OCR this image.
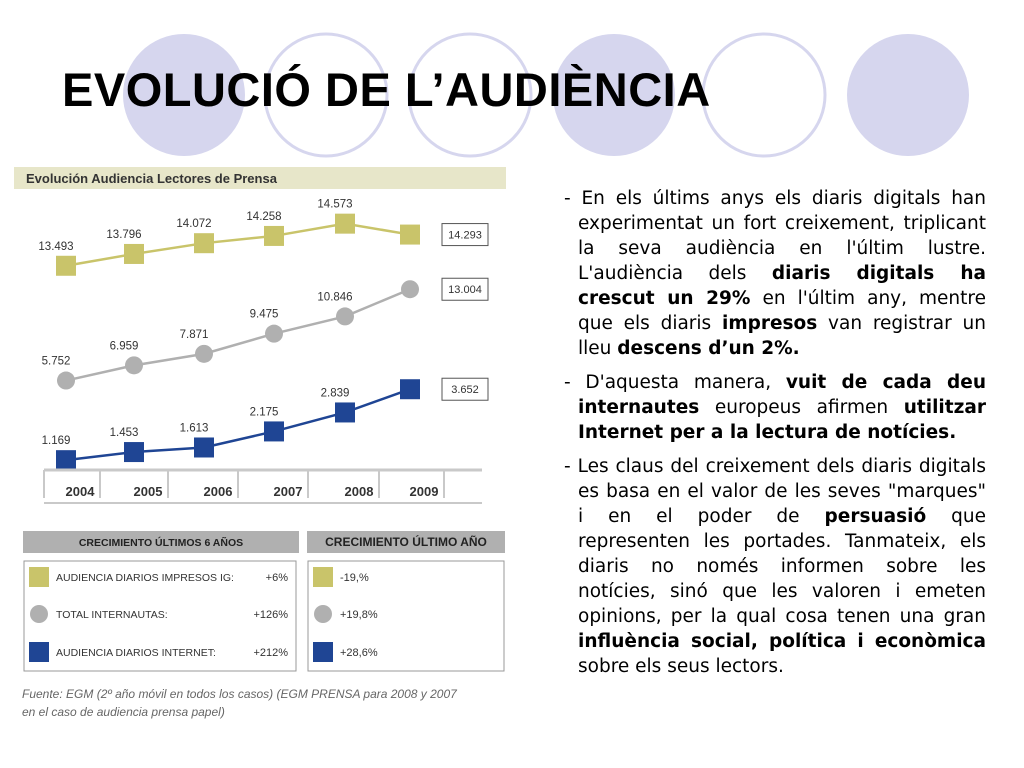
EVOLUCIÓ DE L’AUDIÈNCIA
Evolución Audiencia Lectores de Prensa
13.493
13.796
14.072
14.258
14.573
14.293
5.752
6.959
7.871
9.475
10.846
13.004
1.169
1.453	1.613
2.175
2.839	3.652
2004	2005	2006	2007	2008	2009
CRECIMIENTO ÚLTIMOS 6 AÑOS	CRECIMIENTO ÚLTIMO AÑO
AUDIENCIA DIARIOS IMPRESOS IG:	+6%	-19,%
TOTAL INTERNAUTAS:	+126%	+19,8%
AUDIENCIA DIARIOS INTERNET:	+212%	+28,6%
Fuente: EGM (2º año móvil en todos los casos) (EGM PRENSA para 2008 y 2007
en el caso de audiencia prensa papel)

- En els últims anys els diaris digitals han experimentat un fort creixement, triplicant la seva audiència en l'últim lustre. L'audiència dels diaris digitals ha crescut un 29% en l'últim any, mentre que els diaris impresos van registrar un lleu descens d’un 2%.

- D'aquesta manera, vuit de cada deu internautes europeus afirmen utilitzar Internet per a la lectura de notícies.

- Les claus del creixement dels diaris digitals es basa en el valor de les seves "marques" i en el poder de persuasió que representen les portades. Tanmateix, els diaris no només informen sobre les notícies, sinó que les valoren i emeten opinions, per la qual cosa tenen una gran influència social, política i econòmica sobre els seus lectors.
